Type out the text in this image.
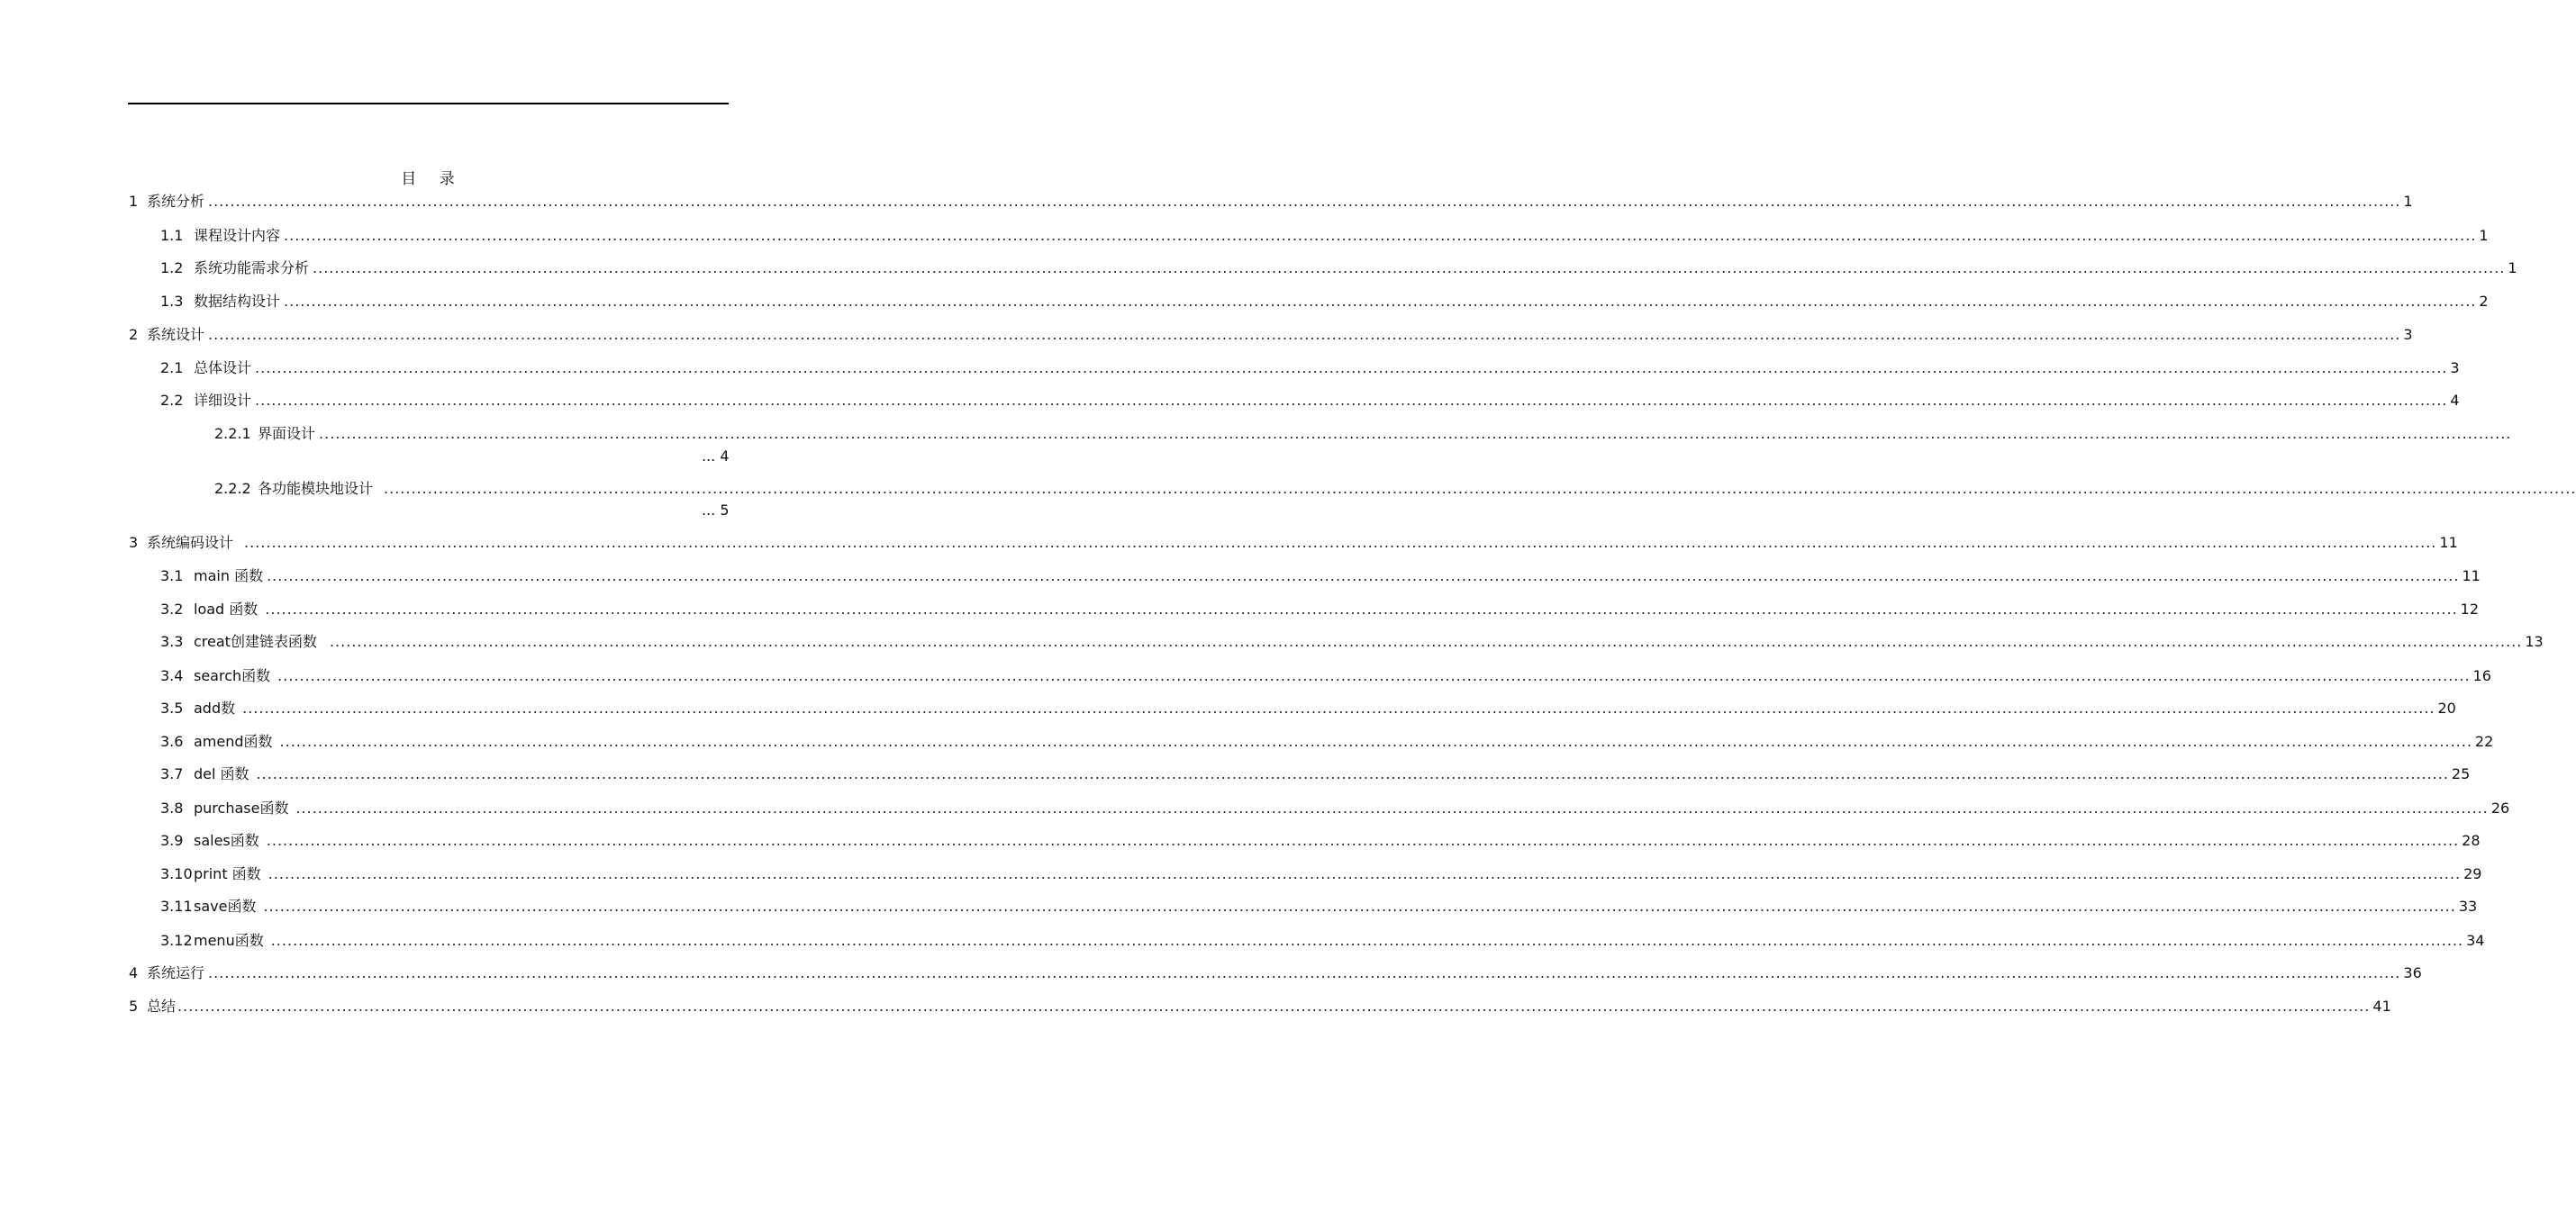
目 录
1 系统分析 ................................................................................................................................................................................................................................................................................................................................................................................................................ 1
1.1 课程设计内容 ................................................................................................................................................................................................................................................................................................................................................................................................................ 1
1.2 系统功能需求分析 ................................................................................................................................................................................................................................................................................................................................................................................................................ 1
1.3 数据结构设计 ................................................................................................................................................................................................................................................................................................................................................................................................................ 2
2 系统设计 ................................................................................................................................................................................................................................................................................................................................................................................................................ 3
2.1 总体设计 ................................................................................................................................................................................................................................................................................................................................................................................................................ 3
2.2 详细设计 ................................................................................................................................................................................................................................................................................................................................................................................................................ 4
2.2.1 界面设计 ................................................................................................................................................................................................................................................................................................................................................................................................................
... 4
2.2.2 各功能模块地设计 ................................................................................................................................................................................................................................................................................................................................................................................................................
... 5
3 系统编码设计 ................................................................................................................................................................................................................................................................................................................................................................................................................ 11
3.1 main 函数 ................................................................................................................................................................................................................................................................................................................................................................................................................ 11
3.2 load 函数 ................................................................................................................................................................................................................................................................................................................................................................................................................ 12
3.3 creat创建链表函数 ................................................................................................................................................................................................................................................................................................................................................................................................................ 13
3.4 search函数 ................................................................................................................................................................................................................................................................................................................................................................................................................ 16
3.5 add数 ................................................................................................................................................................................................................................................................................................................................................................................................................ 20
3.6 amend函数 ................................................................................................................................................................................................................................................................................................................................................................................................................ 22
3.7 del 函数 ................................................................................................................................................................................................................................................................................................................................................................................................................ 25
3.8 purchase函数 ................................................................................................................................................................................................................................................................................................................................................................................................................ 26
3.9 sales函数 ................................................................................................................................................................................................................................................................................................................................................................................................................ 28
3.10 print 函数 ................................................................................................................................................................................................................................................................................................................................................................................................................ 29
3.11 save函数 ................................................................................................................................................................................................................................................................................................................................................................................................................ 33
3.12 menu函数 ................................................................................................................................................................................................................................................................................................................................................................................................................ 34
4 系统运行 ................................................................................................................................................................................................................................................................................................................................................................................................................ 36
5 总结 ................................................................................................................................................................................................................................................................................................................................................................................................................ 41
